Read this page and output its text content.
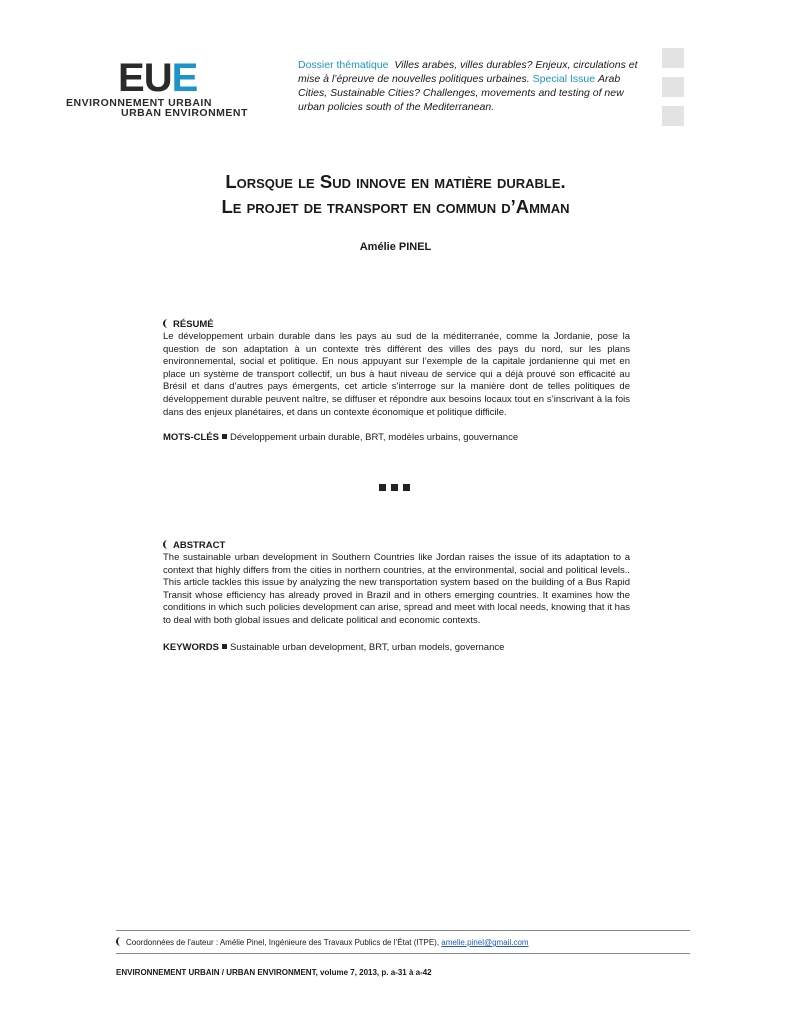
EUE
ENVIRONNEMENT URBAIN
URBAN ENVIRONMENT
Dossier thématique Villes arabes, villes durables? Enjeux, circulations et mise à l’épreuve de nouvelles politiques urbaines. Special Issue Arab Cities, Sustainable Cities? Challenges, movements and testing of new urban policies south of the Mediterranean.
Lorsque le Sud innove en matière durable.
Le projet de transport en commun d’Amman
Amélie PINEL
RÉSUMÉ
Le développement urbain durable dans les pays au sud de la méditerranée, comme la Jordanie, pose la question de son adaptation à un contexte très différent des villes des pays du nord, sur les plans environnemental, social et politique. En nous appuyant sur l’exemple de la capitale jordanienne qui met en place un système de transport collectif, un bus à haut niveau de service qui a déjà prouvé son efficacité au Brésil et dans d’autres pays émergents, cet article s’interroge sur la manière dont de telles politiques de développement durable peuvent naître, se diffuser et répondre aux besoins locaux tout en s’inscrivant à la fois dans des enjeux planétaires, et dans un contexte économique et politique difficile.
MOTS-CLÉS Développement urbain durable, BRT, modèles urbains, gouvernance
ABSTRACT
The sustainable urban development in Southern Countries like Jordan raises the issue of its adaptation to a context that highly differs from the cities in northern countries, at the environmental, social and political levels.. This article tackles this issue by analyzing the new transportation system based on the building of a Bus Rapid Transit whose efficiency has already proved in Brazil and in others emerging countries. It examines how the conditions in which such policies development can arise, spread and meet with local needs, knowing that it has to deal with both global issues and delicate political and economic contexts.
KEYWORDS Sustainable urban development, BRT, urban models, governance
Coordonnées de l’auteur : Amélie Pinel, Ingénieure des Travaux Publics de l’État (ITPE), amelie.pinel@gmail.com
ENVIRONNEMENT URBAIN / URBAN ENVIRONMENT, volume 7, 2013, p. a-31 à a-42
